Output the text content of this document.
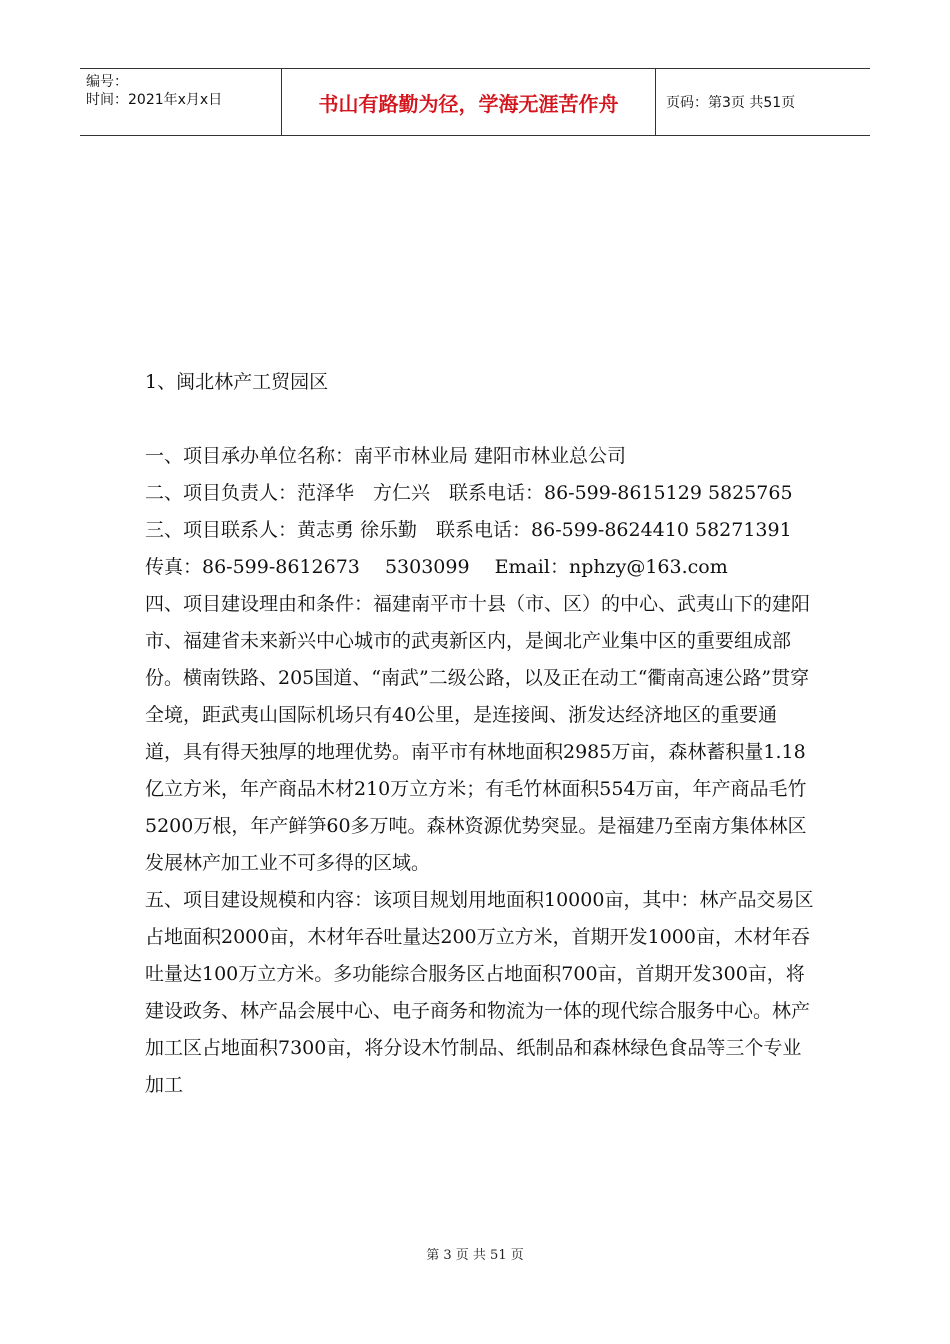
编号：
时间：2021年x月x日	书山有路勤为径，学海无涯苦作舟	页码：第3页 共51页

1、闽北林产工贸园区

一、项目承办单位名称：南平市林业局 建阳市林业总公司

二、项目负责人：范泽华　方仁兴　联系电话：86-599-8615129 5825765

三、项目联系人：黄志勇 徐乐勤　联系电话：86-599-8624410 58271391

传真：86-599-8612673　 5303099　 Email：nphzy@163.com

四、项目建设理由和条件：福建南平市十县（市、区）的中心、武夷山下的建阳市、福建省未来新兴中心城市的武夷新区内，是闽北产业集中区的重要组成部份。横南铁路、205国道、“南武”二级公路，以及正在动工“衢南高速公路”贯穿全境，距武夷山国际机场只有40公里，是连接闽、浙发达经济地区的重要通道，具有得天独厚的地理优势。南平市有林地面积2985万亩，森林蓄积量1.18亿立方米，年产商品木材210万立方米；有毛竹林面积554万亩，年产商品毛竹5200万根，年产鲜笋60多万吨。森林资源优势突显。是福建乃至南方集体林区发展林产加工业不可多得的区域。

五、项目建设规模和内容：该项目规划用地面积10000亩，其中：林产品交易区占地面积2000亩，木材年吞吐量达200万立方米，首期开发1000亩，木材年吞吐量达100万立方米。多功能综合服务区占地面积700亩，首期开发300亩，将建设政务、林产品会展中心、电子商务和物流为一体的现代综合服务中心。林产加工区占地面积7300亩，将分设木竹制品、纸制品和森林绿色食品等三个专业加工

第 3 页 共 51 页
